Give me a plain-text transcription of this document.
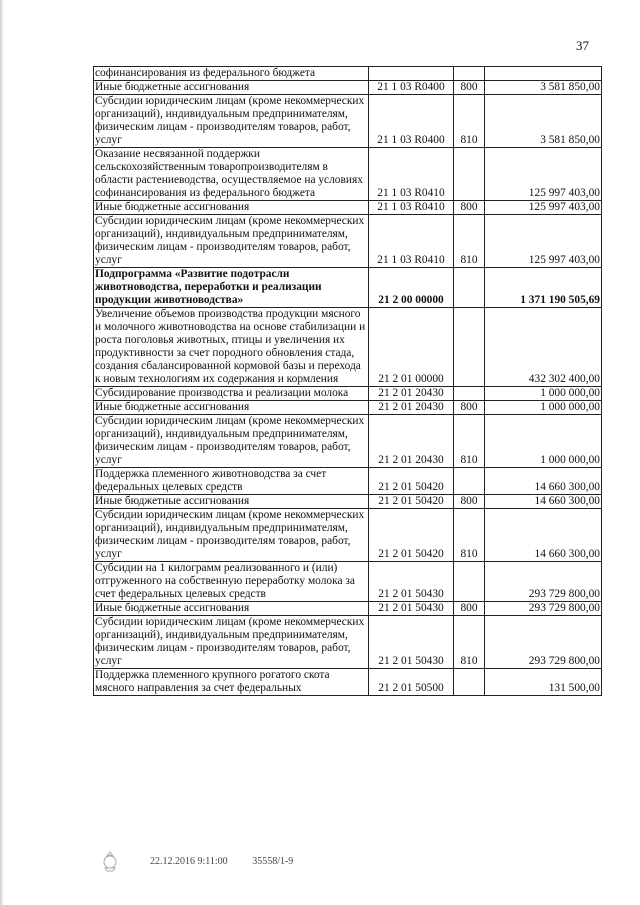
37
софинансирования из федерального бюджета			
Иные бюджетные ассигнования	21 1 03 R0400	800	3 581 850,00
Субсидии юридическим лицам (кроме некоммерческих организаций), индивидуальным предпринимателям, физическим лицам - производителям товаров, работ, услуг	21 1 03 R0400	810	3 581 850,00
Оказание несвязанной поддержки сельскохозяйственным товаропроизводителям в области растениеводства, осуществляемое на условиях софинансирования из федерального бюджета	21 1 03 R0410		125 997 403,00
Иные бюджетные ассигнования	21 1 03 R0410	800	125 997 403,00
Субсидии юридическим лицам (кроме некоммерческих организаций), индивидуальным предпринимателям, физическим лицам - производителям товаров, работ, услуг	21 1 03 R0410	810	125 997 403,00
Подпрограмма «Развитие подотрасли животноводства, переработки и реализации продукции животноводства»	21 2 00 00000		1 371 190 505,69
Увеличение объемов производства продукции мясного и молочного животноводства на основе стабилизации и роста поголовья животных, птицы и увеличения их продуктивности за счет породного обновления стада, создания сбалансированной кормовой базы и перехода к новым технологиям их содержания и кормления	21 2 01 00000		432 302 400,00
Субсидирование производства и реализации молока	21 2 01 20430		1 000 000,00
Иные бюджетные ассигнования	21 2 01 20430	800	1 000 000,00
Субсидии юридическим лицам (кроме некоммерческих организаций), индивидуальным предпринимателям, физическим лицам - производителям товаров, работ, услуг	21 2 01 20430	810	1 000 000,00
Поддержка племенного животноводства за счет федеральных целевых средств	21 2 01 50420		14 660 300,00
Иные бюджетные ассигнования	21 2 01 50420	800	14 660 300,00
Субсидии юридическим лицам (кроме некоммерческих организаций), индивидуальным предпринимателям, физическим лицам - производителям товаров, работ, услуг	21 2 01 50420	810	14 660 300,00
Субсидии на 1 килограмм реализованного и (или) отгруженного на собственную переработку молока за счет федеральных целевых средств	21 2 01 50430		293 729 800,00
Иные бюджетные ассигнования	21 2 01 50430	800	293 729 800,00
Субсидии юридическим лицам (кроме некоммерческих организаций), индивидуальным предпринимателям, физическим лицам - производителям товаров, работ, услуг	21 2 01 50430	810	293 729 800,00
Поддержка племенного крупного рогатого скота мясного направления за счет федеральных	21 2 01 50500		131 500,00
22.12.2016 9:11:00 35558/1-9
